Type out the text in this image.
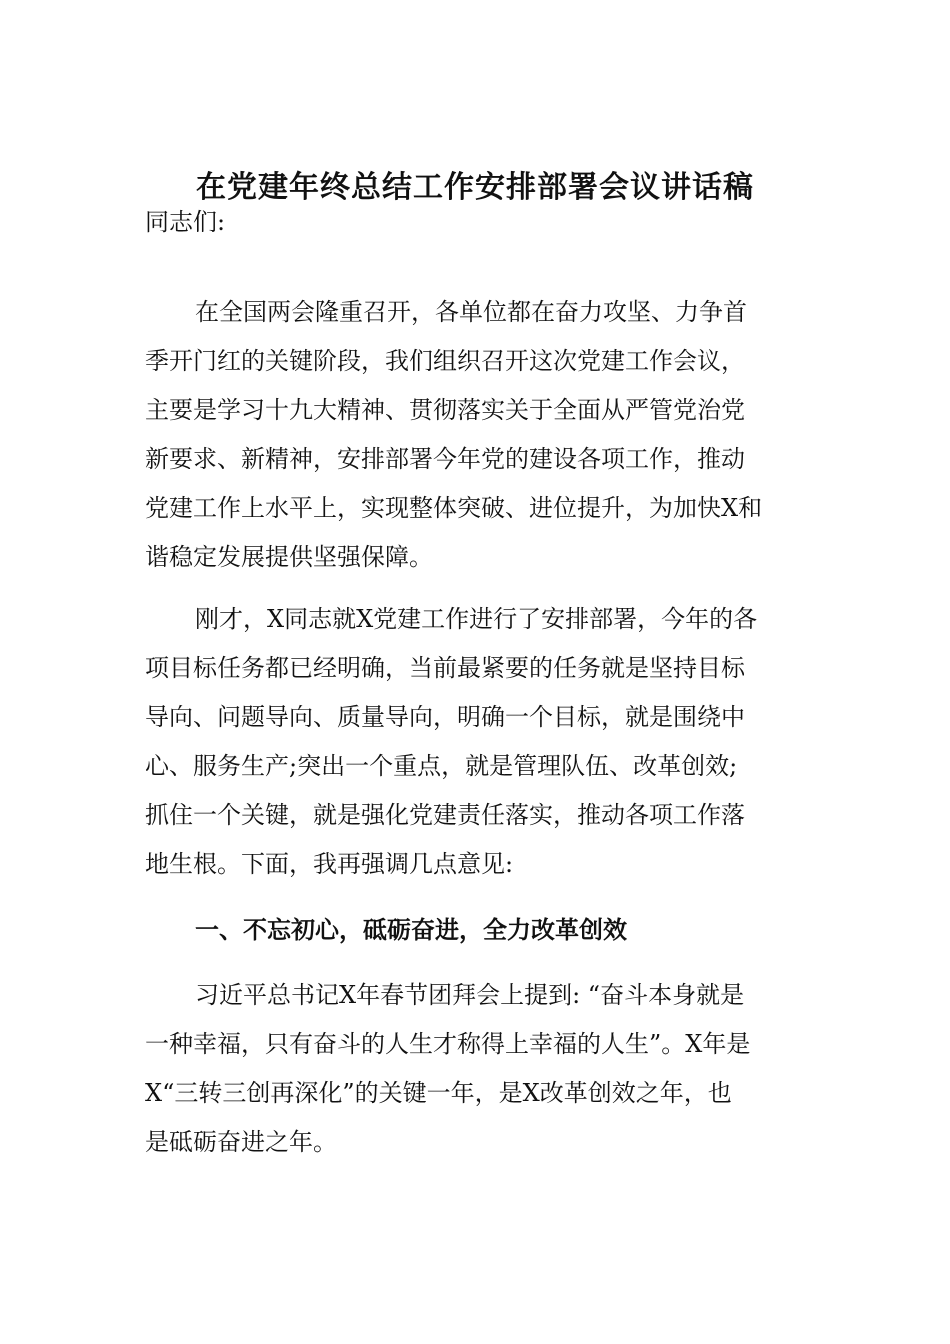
在党建年终总结工作安排部署会议讲话稿

同志们:

在全国两会隆重召开，各单位都在奋力攻坚、力争首

季开门红的关键阶段，我们组织召开这次党建工作会议，

主要是学习十九大精神、贯彻落实关于全面从严管党治党

新要求、新精神，安排部署今年党的建设各项工作，推动

党建工作上水平上，实现整体突破、进位提升，为加快X和

谐稳定发展提供坚强保障。

刚才，X同志就X党建工作进行了安排部署，今年的各

项目标任务都已经明确，当前最紧要的任务就是坚持目标

导向、问题导向、质量导向，明确一个目标，就是围绕中

心、服务生产;突出一个重点，就是管理队伍、改革创效;

抓住一个关键，就是强化党建责任落实，推动各项工作落

地生根。下面，我再强调几点意见:

一、不忘初心，砥砺奋进，全力改革创效

习近平总书记X年春节团拜会上提到: “奋斗本身就是

一种幸福，只有奋斗的人生才称得上幸福的人生”。X年是

X“三转三创再深化”的关键一年，是X改革创效之年，也

是砥砺奋进之年。
